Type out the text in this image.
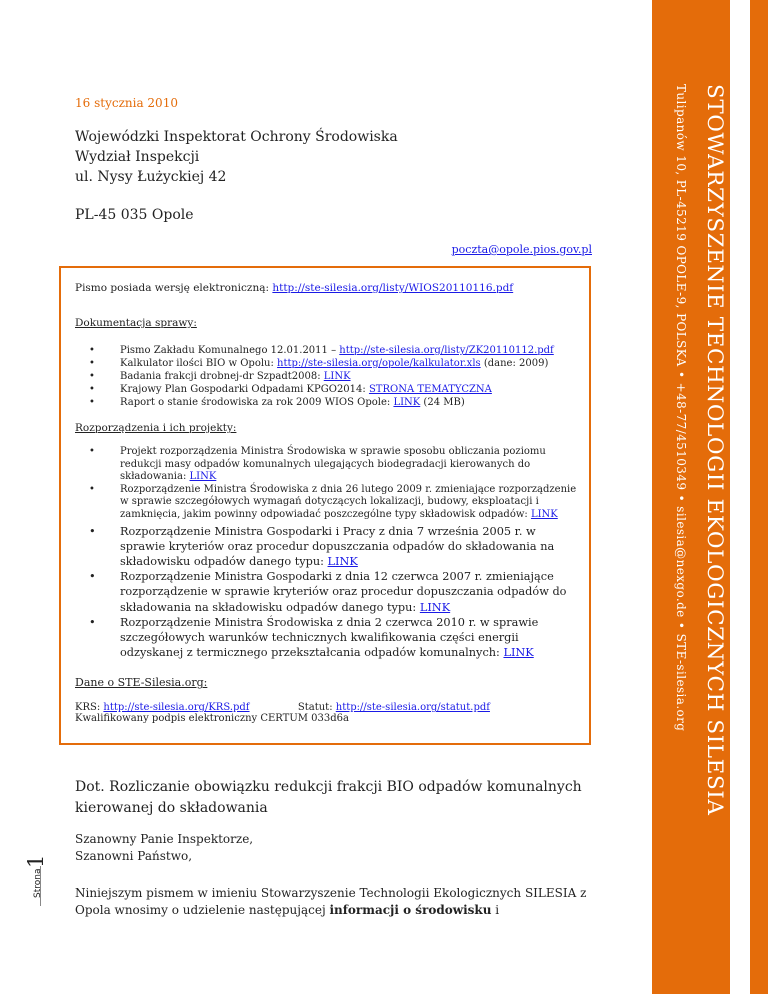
STOWARZYSZENIE TECHNOLOGII EKOLOGICZNYCH SILESIA
Tulipanów 10, PL-45219 OPOLE-9, POLSKA • +48-77/4510349 • silesia@nexgo.de • STE-silesia.org
16 stycznia 2010
Wojewódzki Inspektorat Ochrony Środowiska
Wydział Inspekcji
ul. Nysy Łużyckiej 42
PL-45 035 Opole
poczta@opole.pios.gov.pl
Pismo posiada wersję elektroniczną: http://ste-silesia.org/listy/WIOS20110116.pdf
Dokumentacja sprawy:
• Pismo Zakładu Komunalnego 12.01.2011 – http://ste-silesia.org/listy/ZK20110112.pdf
• Kalkulator ilości BIO w Opolu: http://ste-silesia.org/opole/kalkulator.xls (dane: 2009)
• Badania frakcji drobnej-dr Szpadt2008: LINK
• Krajowy Plan Gospodarki Odpadami KPGO2014: STRONA TEMATYCZNA
• Raport o stanie środowiska za rok 2009 WIOS Opole: LINK (24 MB)
Rozporządzenia i ich projekty:
• Projekt rozporządzenia Ministra Środowiska w sprawie sposobu obliczania poziomu redukcji masy odpadów komunalnych ulegających biodegradacji kierowanych do składowania: LINK
• Rozporządzenie Ministra Środowiska z dnia 26 lutego 2009 r. zmieniające rozporządzenie w sprawie szczegółowych wymagań dotyczących lokalizacji, budowy, eksploatacji i zamknięcia, jakim powinny odpowiadać poszczególne typy składowisk odpadów: LINK
• Rozporządzenie Ministra Gospodarki i Pracy z dnia 7 września 2005 r. w sprawie kryteriów oraz procedur dopuszczania odpadów do składowania na składowisku odpadów danego typu: LINK
• Rozporządzenie Ministra Gospodarki z dnia 12 czerwca 2007 r. zmieniające rozporządzenie w sprawie kryteriów oraz procedur dopuszczania odpadów do składowania na składowisku odpadów danego typu: LINK
• Rozporządzenie Ministra Środowiska z dnia 2 czerwca 2010 r. w sprawie szczegółowych warunków technicznych kwalifikowania części energii odzyskanej z termicznego przekształcania odpadów komunalnych: LINK
Dane o STE-Silesia.org:
KRS: http://ste-silesia.org/KRS.pdf	Statut: http://ste-silesia.org/statut.pdf
Kwalifikowany podpis elektroniczny CERTUM 033d6a
Dot. Rozliczanie obowiązku redukcji frakcji BIO odpadów komunalnych kierowanej do składowania
Szanowny Panie Inspektorze,
Szanowni Państwo,
Niniejszym pismem w imieniu Stowarzyszenie Technologii Ekologicznych SILESIA z Opola wnosimy o udzielenie następującej informacji o środowisku i
Strona
1
